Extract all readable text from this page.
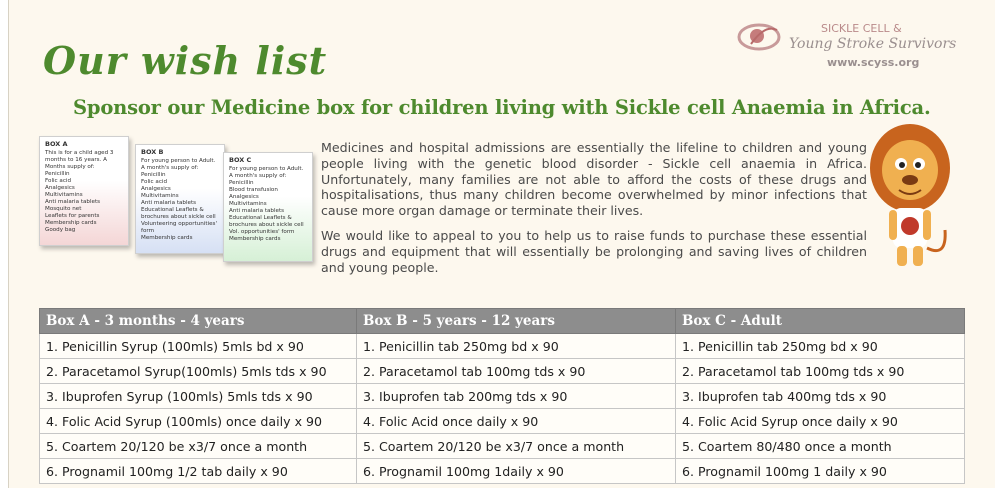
Our wish list
Sponsor our Medicine box for children living with Sickle cell Anaemia in Africa.
SICKLE CELL &
Young Stroke Survivors
www.scyss.org
BOX A
This is for a child aged 3 months to 16 years. A Months supply of:
Penicillin
Folic acid
Analgesics
Multivitamins
Anti malaria tablets
Mosquito net
Leaflets for parents
Membership cards
Goody bag
BOX B
For young person to Adult. A month's supply of:
Penicillin
Folic acid
Analgesics
Multivitamins
Anti malaria tablets
Educational Leaflets & brochures about sickle cell
Volunteering opportunities' form
Membership cards
BOX C
For young person to Adult. A month's supply of:
Penicillin
Blood transfusion
Analgesics
Multivitamins
Anti malaria tablets
Educational Leaflets & brochures about sickle cell
Vol. opportunities' form
Membership cards
Medicines and hospital admissions are essentially the lifeline to children and young people living with the genetic blood disorder - Sickle cell anaemia in Africa. Unfortunately, many families are not able to afford the costs of these drugs and hospitalisations, thus many children become overwhelmed by minor infections that cause more organ damage or terminate their lives.
We would like to appeal to you to help us to raise funds to purchase these essential drugs and equipment that will essentially be prolonging and saving lives of children and young people.
Box A - 3 months - 4 years	Box B - 5 years - 12 years	Box C - Adult
1. Penicillin Syrup (100mls) 5mls bd x 90	1. Penicillin tab 250mg bd x 90	1. Penicillin tab 250mg bd x 90
2. Paracetamol Syrup(100mls) 5mls tds x 90	2. Paracetamol tab 100mg tds x 90	2. Paracetamol tab 100mg tds x 90
3. Ibuprofen Syrup (100mls) 5mls tds x 90	3. Ibuprofen tab 200mg tds x 90	3. Ibuprofen tab 400mg tds x 90
4. Folic Acid Syrup (100mls) once daily x 90	4. Folic Acid once daily x 90	4. Folic Acid Syrup once daily x 90
5. Coartem 20/120 be x3/7 once a month	5. Coartem 20/120 be x3/7 once a month	5. Coartem 80/480 once a month
6. Prognamil 100mg 1/2 tab daily x 90	6. Prognamil 100mg 1daily x 90	6. Prognamil 100mg 1 daily x 90
